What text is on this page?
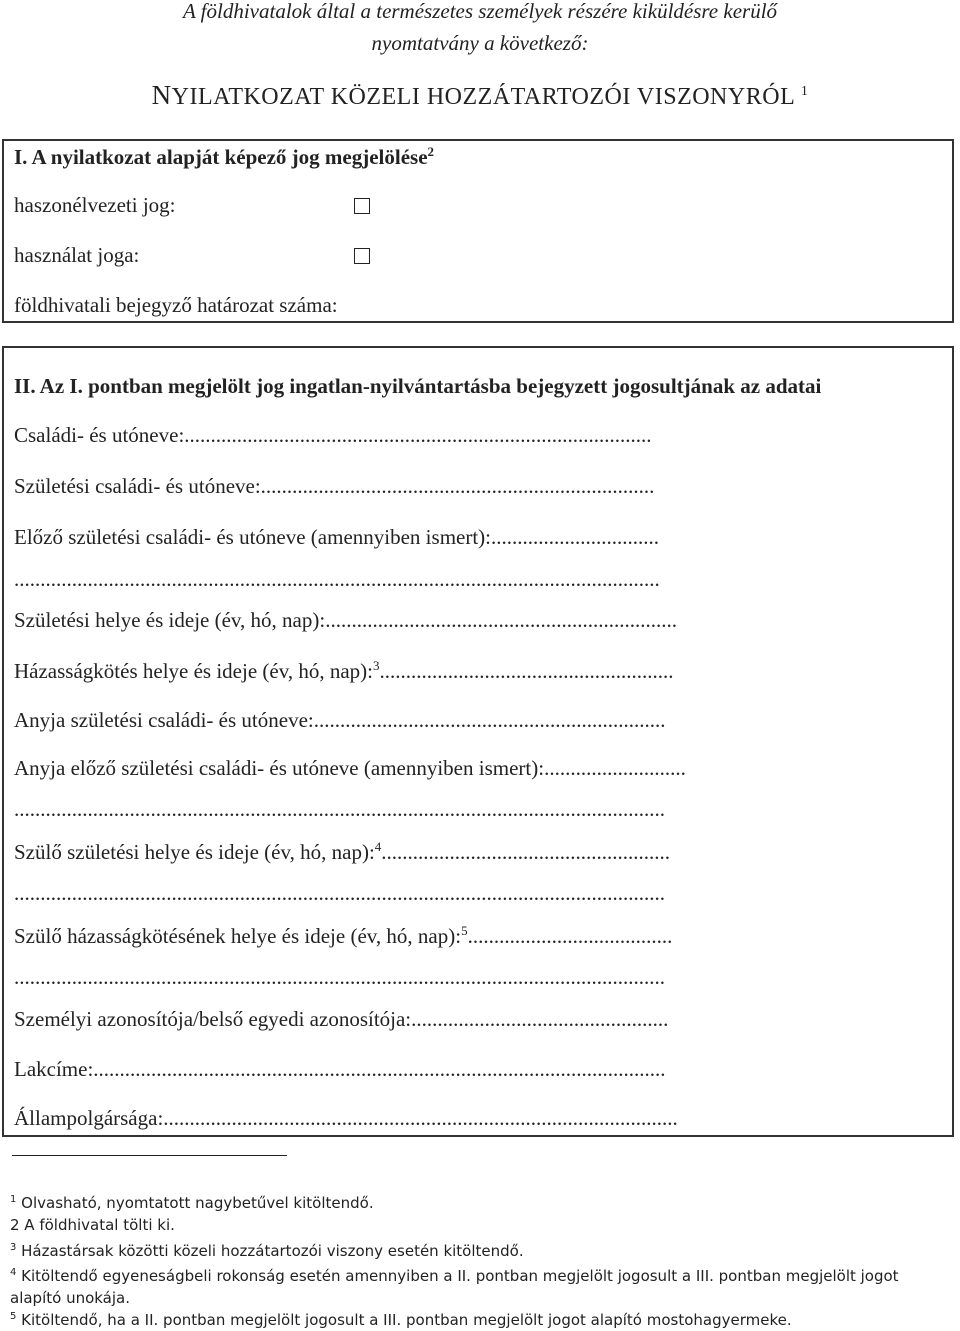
A földhivatalok által a természetes személyek részére kiküldésre kerülő
nyomtatvány a következő:
NYILATKOZAT KÖZELI HOZZÁTARTOZÓI VISZONYRÓL $^1$
I. A nyilatkozat alapját képező jog megjelölése$^2$
haszonélvezeti jog:
használat joga:
földhivatali bejegyző határozat száma:
II. Az I. pontban megjelölt jog ingatlan-nyilvántartásba bejegyzett jogosultjának az adatai
Családi- és utóneve:.........................................................................................
Születési családi- és utóneve:...........................................................................
Előző születési családi- és utóneve (amennyiben ismert):................................
...........................................................................................................................
Születési helye és ideje (év, hó, nap):...................................................................
Házasságkötés helye és ideje (év, hó, nap):$^3$........................................................
Anyja születési családi- és utóneve:...................................................................
Anyja előző születési családi- és utóneve (amennyiben ismert):...........................
............................................................................................................................
Szülő születési helye és ideje (év, hó, nap):$^4$.......................................................
............................................................................................................................
Szülő házasságkötésének helye és ideje (év, hó, nap):$^5$.......................................
............................................................................................................................
Személyi azonosítója/belső egyedi azonosítója:.................................................
Lakcíme:.............................................................................................................
Állampolgársága:..................................................................................................
$^1$ Olvasható, nyomtatott nagybetűvel kitöltendő.
2 A földhivatal tölti ki.
$^3$ Házastársak közötti közeli hozzátartozói viszony esetén kitöltendő.
$^4$ Kitöltendő egyeneságbeli rokonság esetén amennyiben a II. pontban megjelölt jogosult a III. pontban megjelölt jogot alapító unokája.
$^5$ Kitöltendő, ha a II. pontban megjelölt jogosult a III. pontban megjelölt jogot alapító mostohagyermeke.
